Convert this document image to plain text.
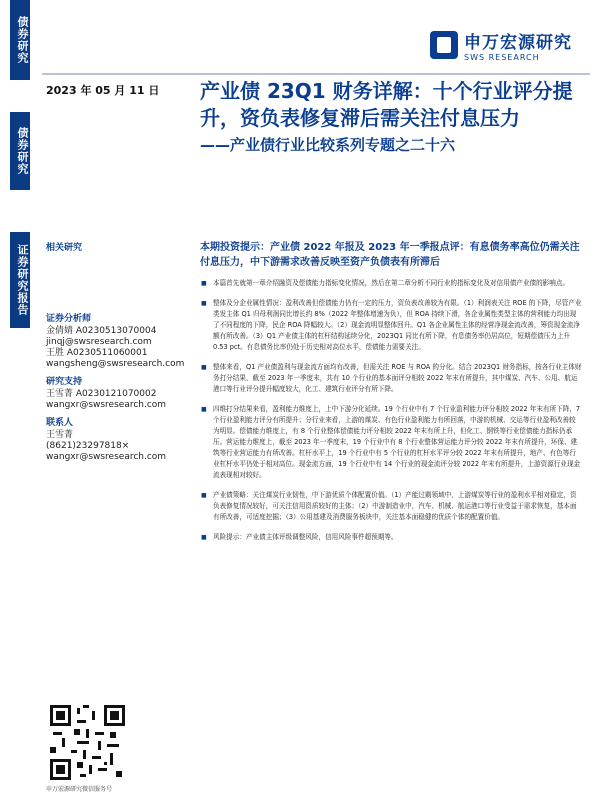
债券研究
债券研究
证券研究报告
申万宏源研究
SWS RESEARCH
2023 年 05 月 11 日 产业债 23Q1 财务详解：十个行业评分提升，资负表修复滞后需关注付息压力
——产业债行业比较系列专题之二十六
相关研究
证券分析师
金倩婧 A0230513070004
jinqj@swsresearch.com
王胜 A0230511060001
wangsheng@swsresearch.com
研究支持
王雪菁 A0230121070002
wangxr@swsresearch.com
联系人
王雪菁
(8621)23297818×
wangxr@swsresearch.com
申万宏源研究微信服务号
本期投资提示：产业债 2022 年报及 2023 年一季报点评：有息债务率高位仍需关注付息压力，中下游需求改善反映至资产负债表有所滞后
■ 本篇首先就第一章介绍融资及偿债能力指标变化情况，然后在第二章分析不同行业的指标变化及对信用债产业债的影响点。
■ 整体及分企业属性情况：盈利改善但偿债能力仍有一定的压力，资负表改善较为有限。（1）利润表关注 ROE 的下降，尽管产业类发主体 Q1 归母利润同比增长约 8%（2022 年整体增速为负），但 ROA 持续下滑，各企业属性类型主体的营利能力均出现了不同程度的下降，民企 ROA 降幅较大。（2）现金流明显整体回升。Q1 各企业属性主体的经营净现金流改善，筹资现金流净额有所改善。（3）Q1 产业债主体的杠杆结构延续分化，2023Q1 同比有所下降，有息债务率仍居高位，短期偿债压力上升 0.53 pct。有息债务比率仍处于历史相对高位水平，偿债能力需要关注。
■ 整体来看，Q1 产业债盈利与现金流方面均有改善，但需关注 ROE 与 ROA 的分化。结合 2023Q1 财务指标，按各行业主体财务打分结果，截至 2023 年一季度末，共有 10 个行业的基本面评分相较 2022 年末有所提升，其中煤炭、汽车、公用、航运港口等行业评分提升幅度较大，化工、建筑行业评分有所下降。
■ 四维打分结果来看，盈利能力维度上，上中下游分化延续。19 个行业中有 7 个行业盈利能力评分相较 2022 年末有所下降，7 个行业盈利能力评分有所提升；分行业来看，上游的煤炭、有色行业盈利能力有所回落，中游的机械、交运等行业盈利改善较为明显。偿债能力维度上，有 8 个行业整体偿债能力评分相较 2022 年末有所上升，但化工、钢铁等行业偿债能力指标仍承压。营运能力维度上，截至 2023 年一季度末，19 个行业中有 8 个行业整体营运能力评分较 2022 年末有所提升，环保、建筑等行业营运能力有所改善。杠杆水平上，19 个行业中有 5 个行业的杠杆水平评分较 2022 年末有所提升，地产、有色等行业杠杆水平仍处于相对高位。现金流方面，19 个行业中有 14 个行业的现金流评分较 2022 年末有所提升，上游资源行业现金流表现相对较好。
■ 产业债策略：关注煤炭行业韧性，中下游优质个体配置价值。（1）产能过剩领域中，上游煤炭等行业的盈利水平相对稳定，资负表修复情况较好，可关注信用资质较好的主体；（2）中游制造业中，汽车、机械、航运港口等行业受益于需求恢复，基本面有所改善，可适度挖掘；（3）公用基建及消费服务板块中，关注基本面稳健的优质个体的配置价值。
■ 风险提示：产业债主体评级调整风险，信用风险事件超预期等。
